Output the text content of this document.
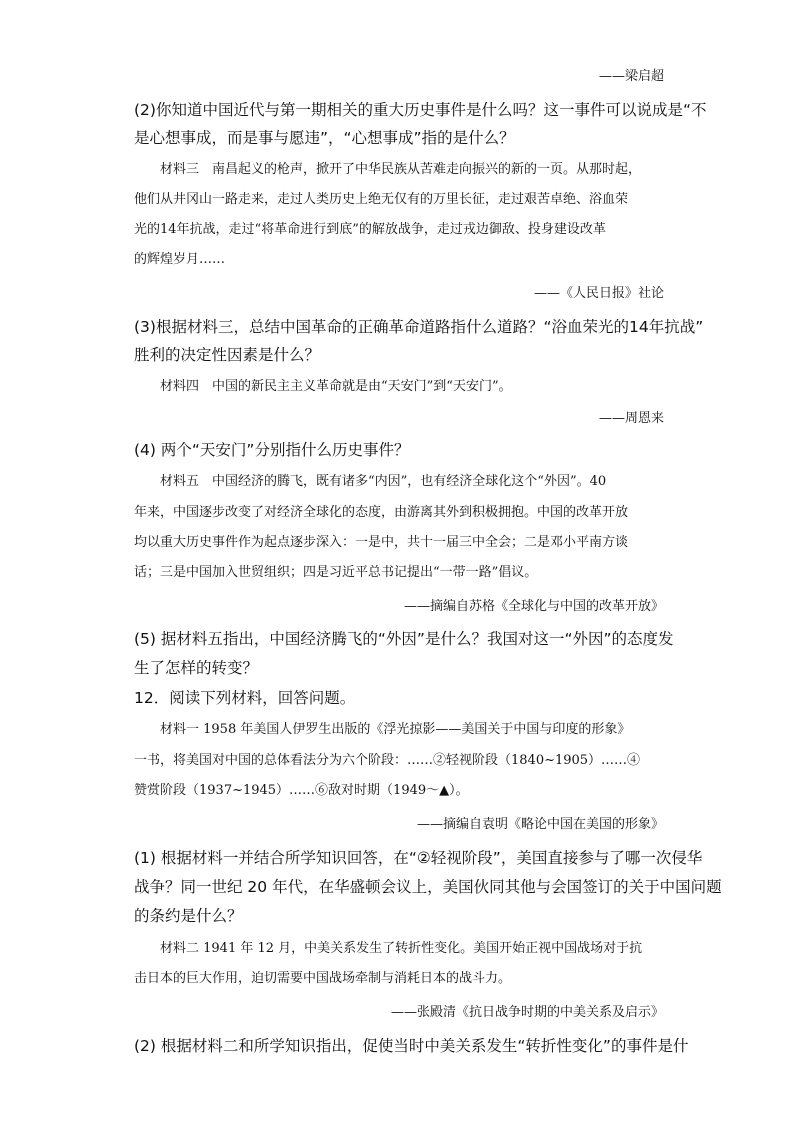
——梁启超
(2)你知道中国近代与第一期相关的重大历史事件是什么吗？这一事件可以说成是“不
是心想事成，而是事与愿违”，“心想事成”指的是什么？
材料三　南昌起义的枪声，掀开了中华民族从苦难走向振兴的新的一页。从那时起，
他们从井冈山一路走来，走过人类历史上绝无仅有的万里长征，走过艰苦卓绝、浴血荣
光的14年抗战，走过“将革命进行到底”的解放战争，走过戎边御敌、投身建设改革
的辉煌岁月……
——《人民日报》社论
(3)根据材料三，总结中国革命的正确革命道路指什么道路？“浴血荣光的14年抗战”
胜利的决定性因素是什么？
材料四　中国的新民主主义革命就是由“天安门”到“天安门”。
——周恩来
(4) 两个“天安门”分别指什么历史事件？
材料五　中国经济的腾飞，既有诸多“内因”，也有经济全球化这个“外因”。40
年来，中国逐步改变了对经济全球化的态度，由游离其外到积极拥抱。中国的改革开放
均以重大历史事件作为起点逐步深入：一是中，共十一届三中全会；二是邓小平南方谈
话；三是中国加入世贸组织；四是习近平总书记提出“一带一路”倡议。
——摘编自苏格《全球化与中国的改革开放》
(5) 据材料五指出，中国经济腾飞的“外因”是什么？我国对这一“外因”的态度发
生了怎样的转变？
12．阅读下列材料，回答问题。
材料一 1958 年美国人伊罗生出版的《浮光掠影——美国关于中国与印度的形象》
一书，将美国对中国的总体看法分为六个阶段：……②轻视阶段（1840~1905）……④
赞赏阶段（1937~1945）……⑥敌对时期（1949～▲）。
——摘编自袁明《略论中国在美国的形象》
(1) 根据材料一并结合所学知识回答，在“②轻视阶段”，美国直接参与了哪一次侵华
战争？同一世纪 20 年代，在华盛顿会议上，美国伙同其他与会国签订的关于中国问题
的条约是什么？
材料二 1941 年 12 月，中美关系发生了转折性变化。美国开始正视中国战场对于抗
击日本的巨大作用，迫切需要中国战场牵制与消耗日本的战斗力。
——张殿清《抗日战争时期的中美关系及启示》
(2) 根据材料二和所学知识指出，促使当时中美关系发生“转折性变化”的事件是什
